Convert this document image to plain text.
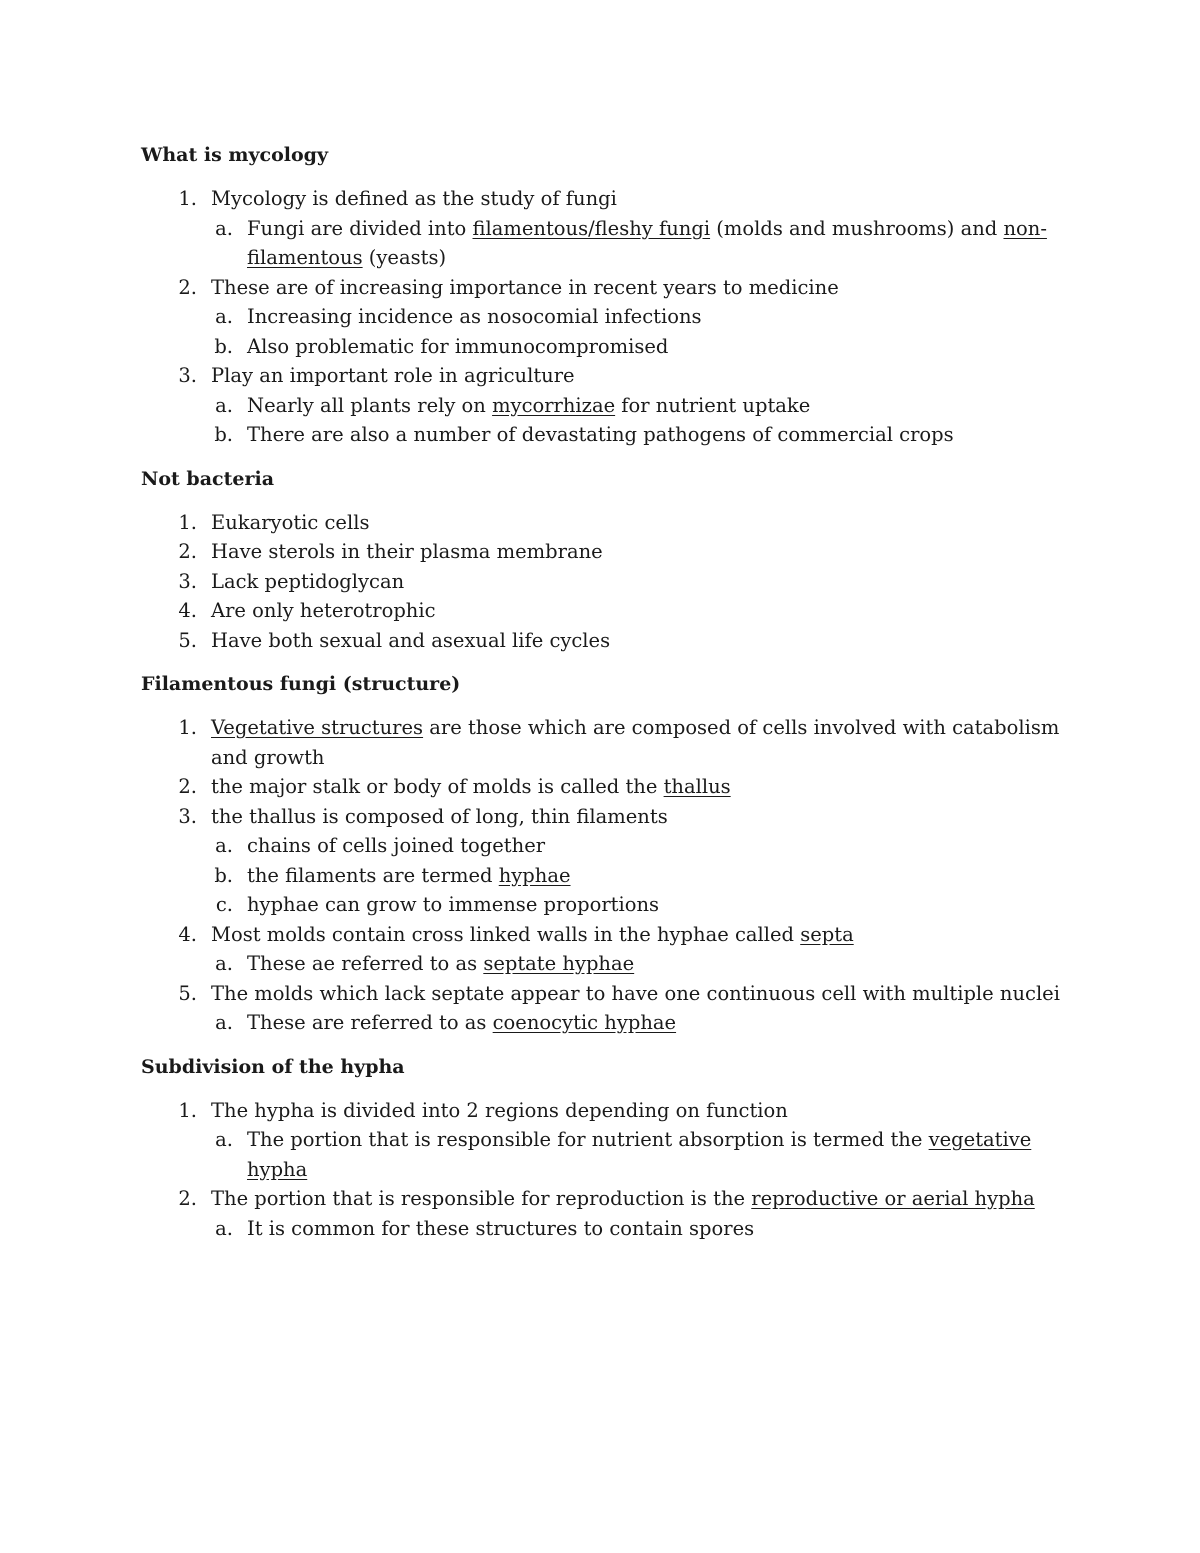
What is mycology
1. Mycology is defined as the study of fungi
a. Fungi are divided into filamentous/fleshy fungi (molds and mushrooms) and non-filamentous (yeasts)
2. These are of increasing importance in recent years to medicine
a. Increasing incidence as nosocomial infections
b. Also problematic for immunocompromised
3. Play an important role in agriculture
a. Nearly all plants rely on mycorrhizae for nutrient uptake
b. There are also a number of devastating pathogens of commercial crops
Not bacteria
1. Eukaryotic cells
2. Have sterols in their plasma membrane
3. Lack peptidoglycan
4. Are only heterotrophic
5. Have both sexual and asexual life cycles
Filamentous fungi (structure)
1. Vegetative structures are those which are composed of cells involved with catabolism and growth
2. the major stalk or body of molds is called the thallus
3. the thallus is composed of long, thin filaments
a. chains of cells joined together
b. the filaments are termed hyphae
c. hyphae can grow to immense proportions
4. Most molds contain cross linked walls in the hyphae called septa
a. These ae referred to as septate hyphae
5. The molds which lack septate appear to have one continuous cell with multiple nuclei
a. These are referred to as coenocytic hyphae
Subdivision of the hypha
1. The hypha is divided into 2 regions depending on function
a. The portion that is responsible for nutrient absorption is termed the vegetative hypha
2. The portion that is responsible for reproduction is the reproductive or aerial hypha
a. It is common for these structures to contain spores
